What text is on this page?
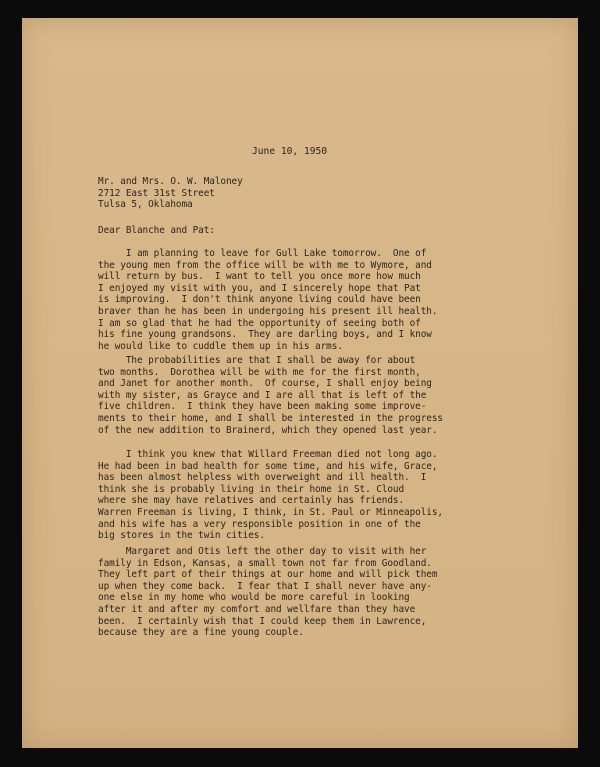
June 10, 1950
Mr. and Mrs. O. W. Maloney
2712 East 31st Street
Tulsa 5, Oklahoma
Dear Blanche and Pat:
I am planning to leave for Gull Lake tomorrow.  One of
the young men from the office will be with me to Wymore, and
will return by bus.  I want to tell you once more how much
I enjoyed my visit with you, and I sincerely hope that Pat
is improving.  I don't think anyone living could have been
braver than he has been in undergoing his present ill health.
I am so glad that he had the opportunity of seeing both of
his fine young grandsons.  They are darling boys, and I know
he would like to cuddle them up in his arms.
The probabilities are that I shall be away for about
two months.  Dorothea will be with me for the first month,
and Janet for another month.  Of course, I shall enjoy being
with my sister, as Grayce and I are all that is left of the
five children.  I think they have been making some improve-
ments to their home, and I shall be interested in the progress
of the new addition to Brainerd, which they opened last year.
I think you knew that Willard Freeman died not long ago.
He had been in bad health for some time, and his wife, Grace,
has been almost helpless with overweight and ill health.  I
think she is probably living in their home in St. Cloud
where she may have relatives and certainly has friends.
Warren Freeman is living, I think, in St. Paul or Minneapolis,
and his wife has a very responsible position in one of the
big stores in the twin cities.
Margaret and Otis left the other day to visit with her
family in Edson, Kansas, a small town not far from Goodland.
They left part of their things at our home and will pick them
up when they come back.  I fear that I shall never have any-
one else in my home who would be more careful in looking
after it and after my comfort and wellfare than they have
been.  I certainly wish that I could keep them in Lawrence,
because they are a fine young couple.
